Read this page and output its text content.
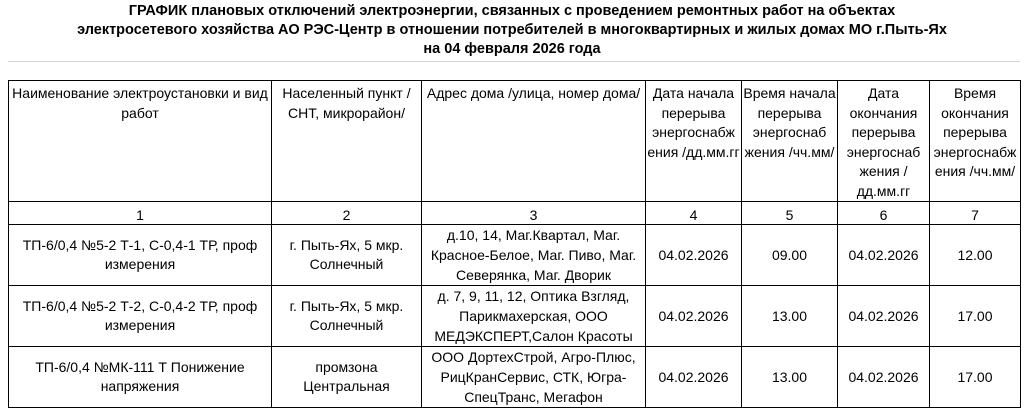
ГРАФИК плановых отключений электроэнергии, связанных с проведением ремонтных работ на объектах
электросетевого хозяйства АО РЭС-Центр в отношении потребителей в многоквартирных и жилых домах МО г.Пыть-Ях
на 04 февраля 2026 года
Наименование электроустановки и вид работ	Населенный пункт /СНТ, микрорайон/	Адрес дома /улица, номер дома/	Дата начала перерыва энергоснабж ения /дд.мм.гг	Время начала перерыва энергоснаб жения /чч.мм/	Дата окончания перерыва энергоснаб жения /дд.мм.гг	Время окончания перерыва энергоснабж ения /чч.мм/
1	2	3	4	5	6	7
ТП-6/0,4 №5-2 Т-1, С-0,4-1 ТР, проф измерения	г. Пыть-Ях, 5 мкр. Солнечный	д.10, 14, Маг.Квартал, Маг. Красное-Белое, Маг. Пиво, Маг. Северянка, Маг. Дворик	04.02.2026	09.00	04.02.2026	12.00
ТП-6/0,4 №5-2 Т-2, С-0,4-2 ТР, проф измерения	г. Пыть-Ях, 5 мкр. Солнечный	д. 7, 9, 11, 12, Оптика Взгляд, Парикмахерская, ООО МЕДЭКСПЕРТ,Салон Красоты	04.02.2026	13.00	04.02.2026	17.00
ТП-6/0,4 №МК-111 Т Понижение напряжения	промзона Центральная	ООО ДортехСтрой, Агро-Плюс, РицКранСервис, СТК, Югра-СпецТранс, Мегафон	04.02.2026	13.00	04.02.2026	17.00
